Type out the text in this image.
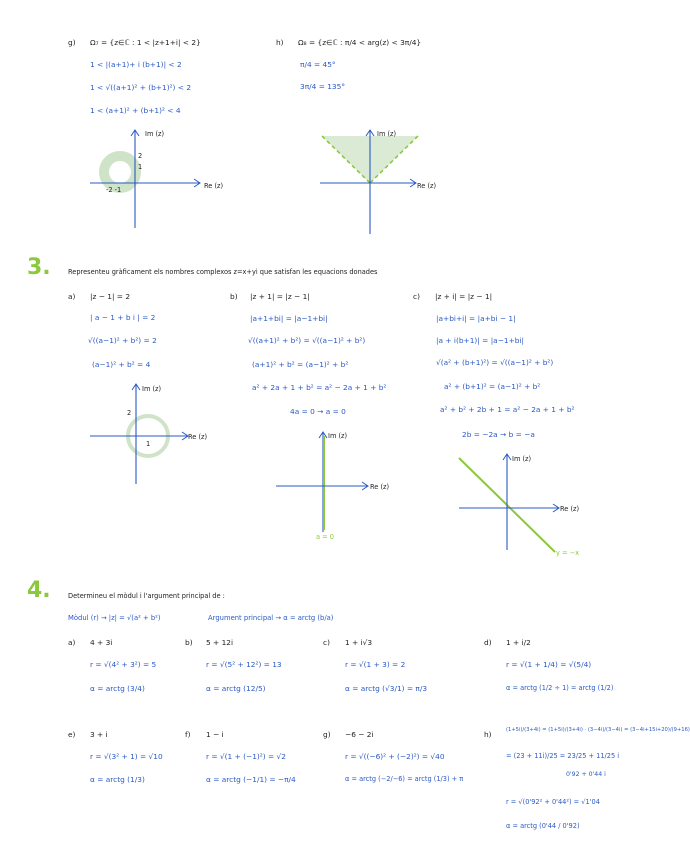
g) Ω₇ = {z∈ℂ : 1 < |z+1+i| < 2}
1 < |(a+1)+ i (b+1)| < 2
1 < √((a+1)² + (b+1)²) < 2
1 < (a+1)² + (b+1)² < 4
Im (z)
Re (z)
2
1
-2 -1
h) Ω₈ = {z∈ℂ : π/4 < arg(z) < 3π/4}
π/4 = 45°
3π/4 = 135°
Im (z)
Re (z)
3.	Representeu gràficament els nombres complexos z=x+yi que satisfan les equacions donades
a) |z − 1| = 2
| a − 1 + b i | = 2
√((a−1)² + b²) = 2
(a−1)² + b² = 4
Im (z)
Re (z)
2
1
b) |z + 1| = |z − 1|
|a+1+bi| = |a−1+bi|
√((a+1)² + b²) = √((a−1)² + b²)
(a+1)² + b² = (a−1)² + b²
a² + 2a + 1 + b² = a² − 2a + 1 + b²
4a = 0 → a = 0
Im (z)
Re (z)
a = 0
c) |z + i| = |z − 1|
|a+bi+i| = |a+bi − 1|
|a + i(b+1)| = |a−1+bi|
√(a² + (b+1)²) = √((a−1)² + b²)
a² + (b+1)² = (a−1)² + b²
a² + b² + 2b + 1 = a² − 2a + 1 + b²
2b = −2a → b = −a
Im (z)
Re (z)
y = −x
4.	Determineu el mòdul i l'argument principal de :
Mòdul (r) → |z| = √(a² + b²)	Argument principal → α = arctg (b/a)
a) 4 + 3i
r = √(4² + 3²) = 5
α = arctg (3/4)
b) 5 + 12i
r = √(5² + 12²) = 13
α = arctg (12/5)
c) 1 + i√3
r = √(1 + 3) = 2
α = arctg (√3/1) = π/3
d) 1 + i/2
r = √(1 + 1/4) = √(5/4)
α = arctg (1/2 ÷ 1) = arctg (1/2)
e) 3 + i
r = √(3² + 1) = √10
α = arctg (1/3)
f) 1 − i
r = √(1 + (−1)²) = √2
α = arctg (−1/1) = −π/4
g) −6 − 2i
r = √((−6)² + (−2)²) = √40
α = arctg (−2/−6) = arctg (1/3) + π
h)	(1+5i)/(3+4i) = (1+5i)/(3+4i) · (3−4i)/(3−4i) = (3−4i+15i+20)/(9+16)
= (23 + 11i)/25 = 23/25 + 11/25 i
0'92 + 0'44 i
r = √(0'92² + 0'44²) = √1'04
α = arctg (0'44 / 0'92)
